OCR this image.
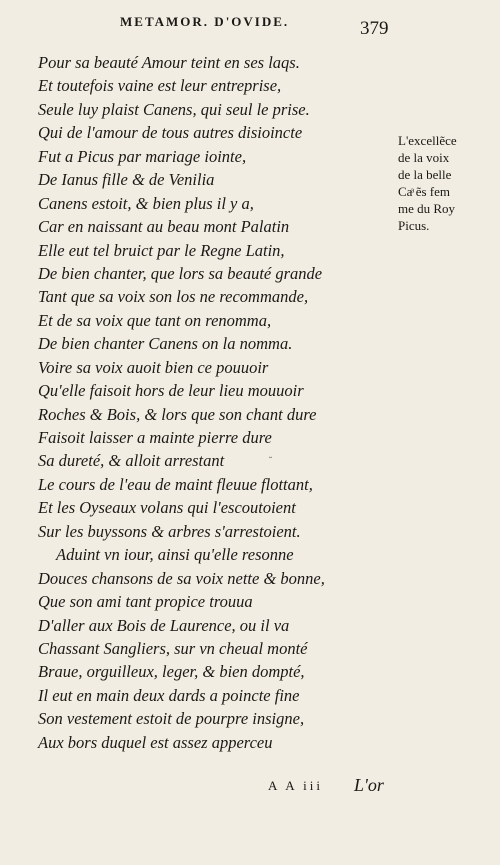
METAMOR. D'OVIDE.	379
Pour sa beauté Amour teint en ses laqs.
Et toutefois vaine est leur entreprise,
Seule luy plaist Canens, qui seul le prise.
Qui de l'amour de tous autres disioincte
Fut a Picus par mariage iointe,
De Ianus fille & de Venilia
Canens estoit, & bien plus il y a,
Car en naissant au beau mont Palatin
Elle eut tel bruict par le Regne Latin,
De bien chanter, que lors sa beauté grande
Tant que sa voix son los ne recommande,
Et de sa voix que tant on renomma,
De bien chanter Canens on la nomma.
Voire sa voix auoit bien ce pouuoir
Qu'elle faisoit hors de leur lieu mouuoir
Roches & Bois, & lors que son chant dure
Faisoit laisser a mainte pierre dure
Sa dureté, & alloit arrestant
Le cours de l'eau de maint fleuue flottant,
Et les Oyseaux volans qui l'escoutoient
Sur les buyssons & arbres s'arrestoient.
Aduint vn iour, ainsi qu'elle resonne
Douces chansons de sa voix nette & bonne,
Que son ami tant propice trouua
D'aller aux Bois de Laurence, ou il va
Chassant Sangliers, sur vn cheual monté
Braue, orguilleux, leger, & bien dompté,
Il eut en main deux dards a poincte fine
Son vestement estoit de pourpre insigne,
Aux bors duquel est assez apperceu
L'excellẽce
de la voix
de la belle
Caͣ ẽs fem
me du Roy
Picus.
˘
A A iii L'or
